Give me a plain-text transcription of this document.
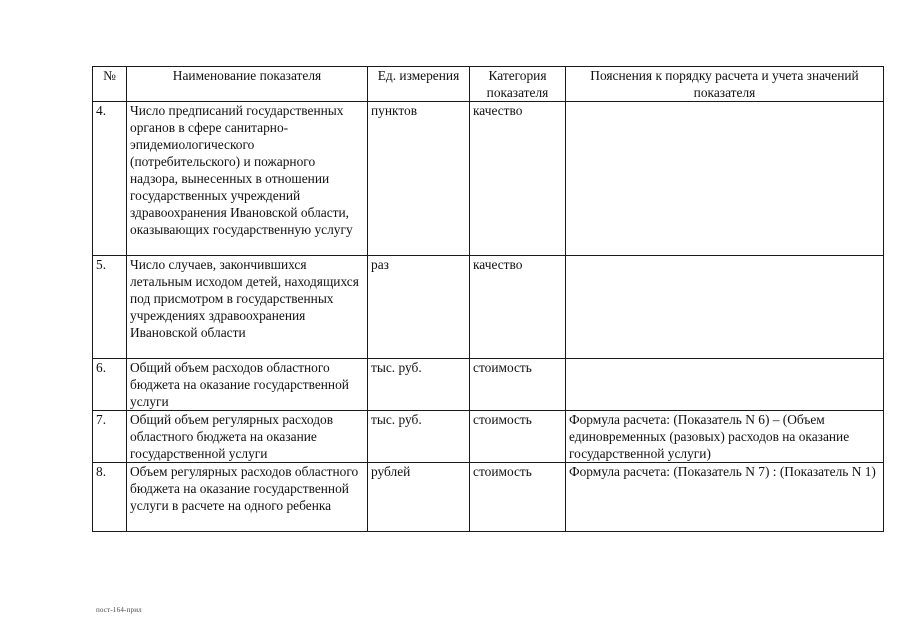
№	Наименование показателя	Ед. измерения	Категория показателя	Пояснения к порядку расчета и учета значений показателя
4.	Число предписаний государственных органов в сфере санитарно-эпидемиологического (потребительского) и пожарного надзора, вынесенных в отношении государственных учреждений здравоохранения Ивановской области, оказывающих государственную услугу	пунктов	качество	
5.	Число случаев, закончившихся летальным исходом детей, находящихся под присмотром в государственных учреждениях здравоохранения Ивановской области	раз	качество	
6.	Общий объем расходов областного бюджета на оказание государственной услуги	тыс. руб.	стоимость	
7.	Общий объем регулярных расходов областного бюджета на оказание государственной услуги	тыс. руб.	стоимость	Формула расчета: (Показатель N 6) – (Объем единовременных (разовых) расходов на оказание государственной услуги)
8.	Объем регулярных расходов областного бюджета на оказание государственной услуги в расчете на одного ребенка	рублей	стоимость	Формула расчета: (Показатель N 7) : (Показатель N 1)
пост-164-прил
